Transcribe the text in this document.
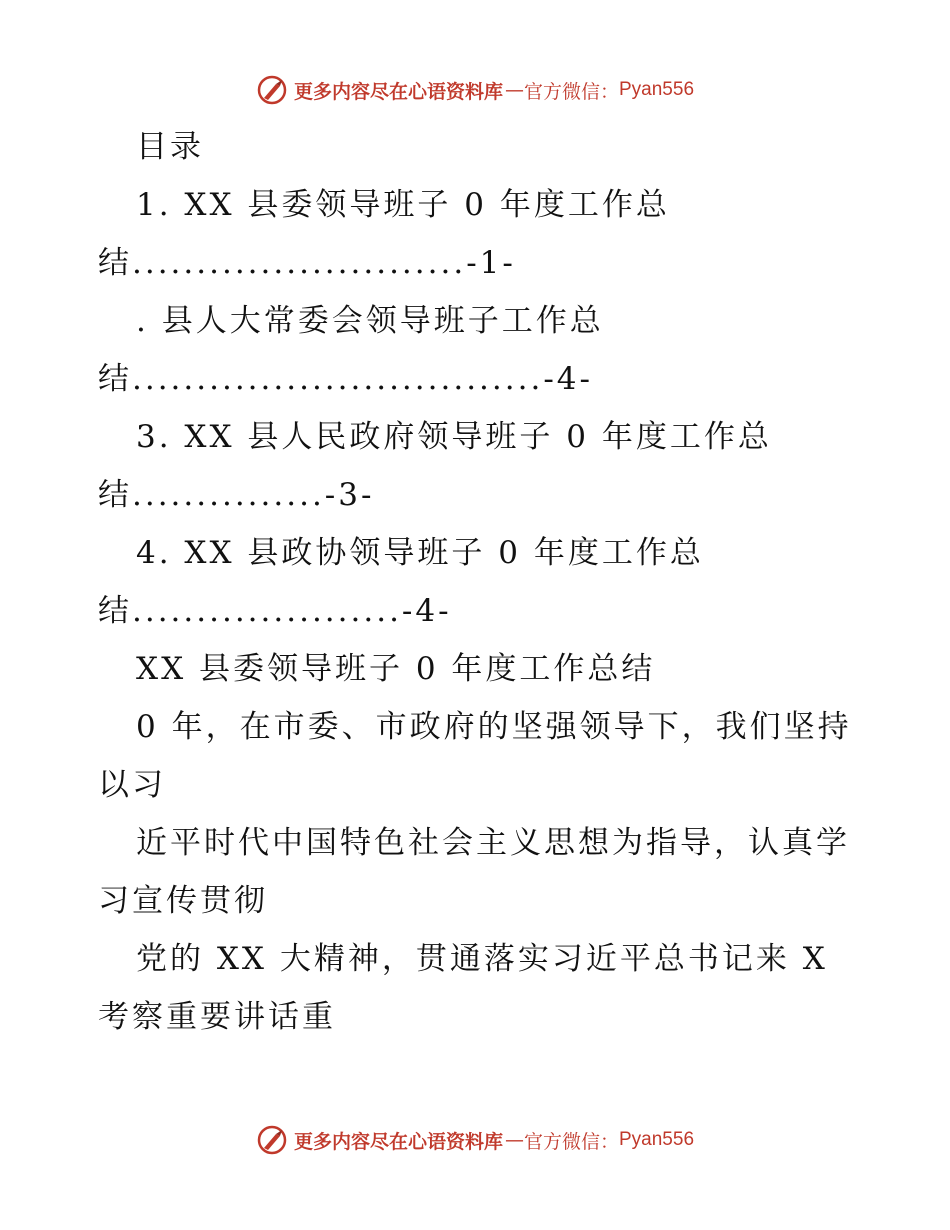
更多内容尽在心语资料库 — 官方微信： Pyan556
目录
1. XX 县委领导班子 0 年度工作总
结..........................-1-
. 县人大常委会领导班子工作总
结................................-4-
3. XX 县人民政府领导班子 0 年度工作总
结...............-3-
4. XX 县政协领导班子 0 年度工作总
结.....................-4-
XX 县委领导班子 0 年度工作总结
0 年，在市委、市政府的坚强领导下，我们坚持
以习
近平时代中国特色社会主义思想为指导，认真学
习宣传贯彻
党的 XX 大精神，贯通落实习近平总书记来 X
考察重要讲话重
更多内容尽在心语资料库 — 官方微信： Pyan556
